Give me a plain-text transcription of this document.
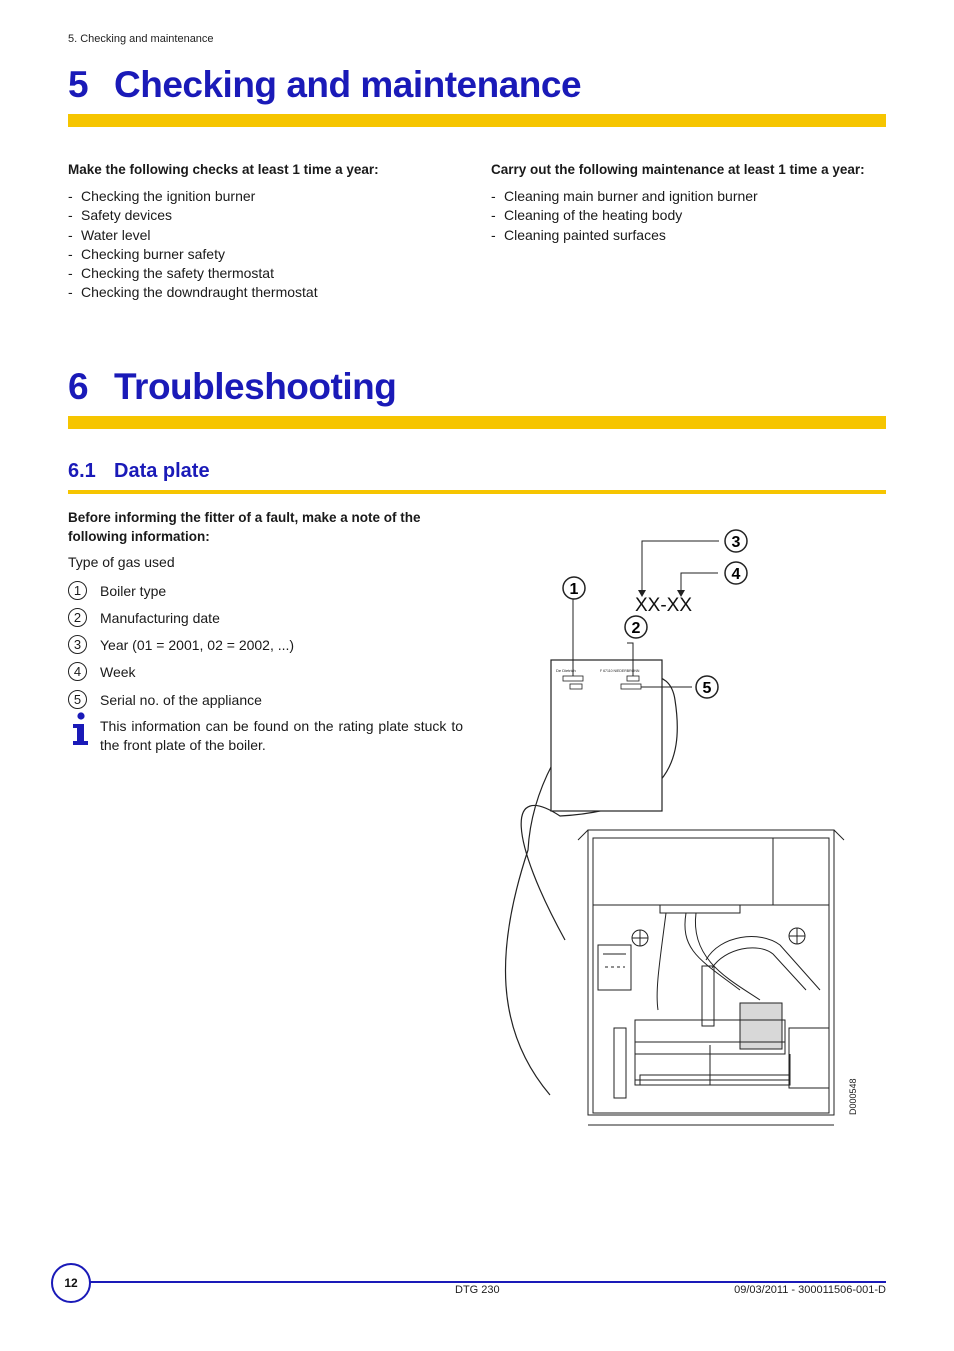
5. Checking and maintenance
5 Checking and maintenance
Make the following checks at least 1 time a year:
- Checking the ignition burner
- Safety devices
- Water level
- Checking burner safety
- Checking the safety thermostat
- Checking the downdraught thermostat
Carry out the following maintenance at least 1 time a year:
- Cleaning main burner and ignition burner
- Cleaning of the heating body
- Cleaning painted surfaces
6 Troubleshooting
6.1 Data plate
Before informing the fitter of a fault, make a note of the following information:
Type of gas used
1	Boiler type
2	Manufacturing date
3	Year (01 = 2001, 02 = 2002, ...)
4	Week
5	Serial no. of the appliance
This information can be found on the rating plate stuck to the front plate of the boiler.
De Dietrich	F 67110 NIEDERBRONN
3
4
1
2
5
XX-XX
D000548
12	DTG 230	09/03/2011 - 300011506-001-D
